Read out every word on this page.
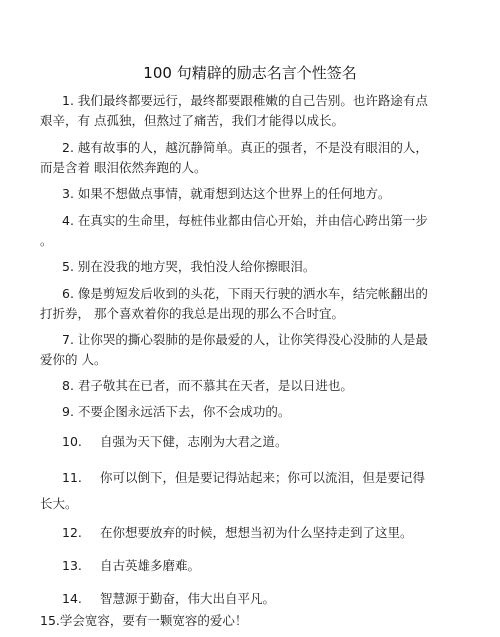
100 句精辟的励志名言个性签名
1. 我们最终都要远行，最终都要跟稚嫩的自己告别。也许路途有点
艰辛，有 点孤独，但熬过了痛苦，我们才能得以成长。
2. 越有故事的人，越沉静简单。真正的强者，不是没有眼泪的人，
而是含着 眼泪依然奔跑的人。
3. 如果不想做点事情，就甭想到达这个世界上的任何地方。
4. 在真实的生命里，每桩伟业都由信心开始，并由信心跨出第一步
。
5. 别在没我的地方哭，我怕没人给你擦眼泪。
6. 像是剪短发后收到的头花，下雨天行驶的洒水车，结完帐翻出的
打折券， 那个喜欢着你的我总是出现的那么不合时宜。
7. 让你哭的撕心裂肺的是你最爱的人，让你笑得没心没肺的人是最
爱你的 人。
8. 君子敬其在已者，而不慕其在天者，是以日进也。
9. 不要企图永远活下去，你不会成功的。
10. 自强为天下健，志刚为大君之道。
11. 你可以倒下，但是要记得站起来；你可以流泪，但是要记得
长大。
12. 在你想要放弃的时候，想想当初为什么坚持走到了这里。
13. 自古英雄多磨难。
14. 智慧源于勤奋，伟大出自平凡。
15.学会宽容，要有一颗宽容的爱心！
